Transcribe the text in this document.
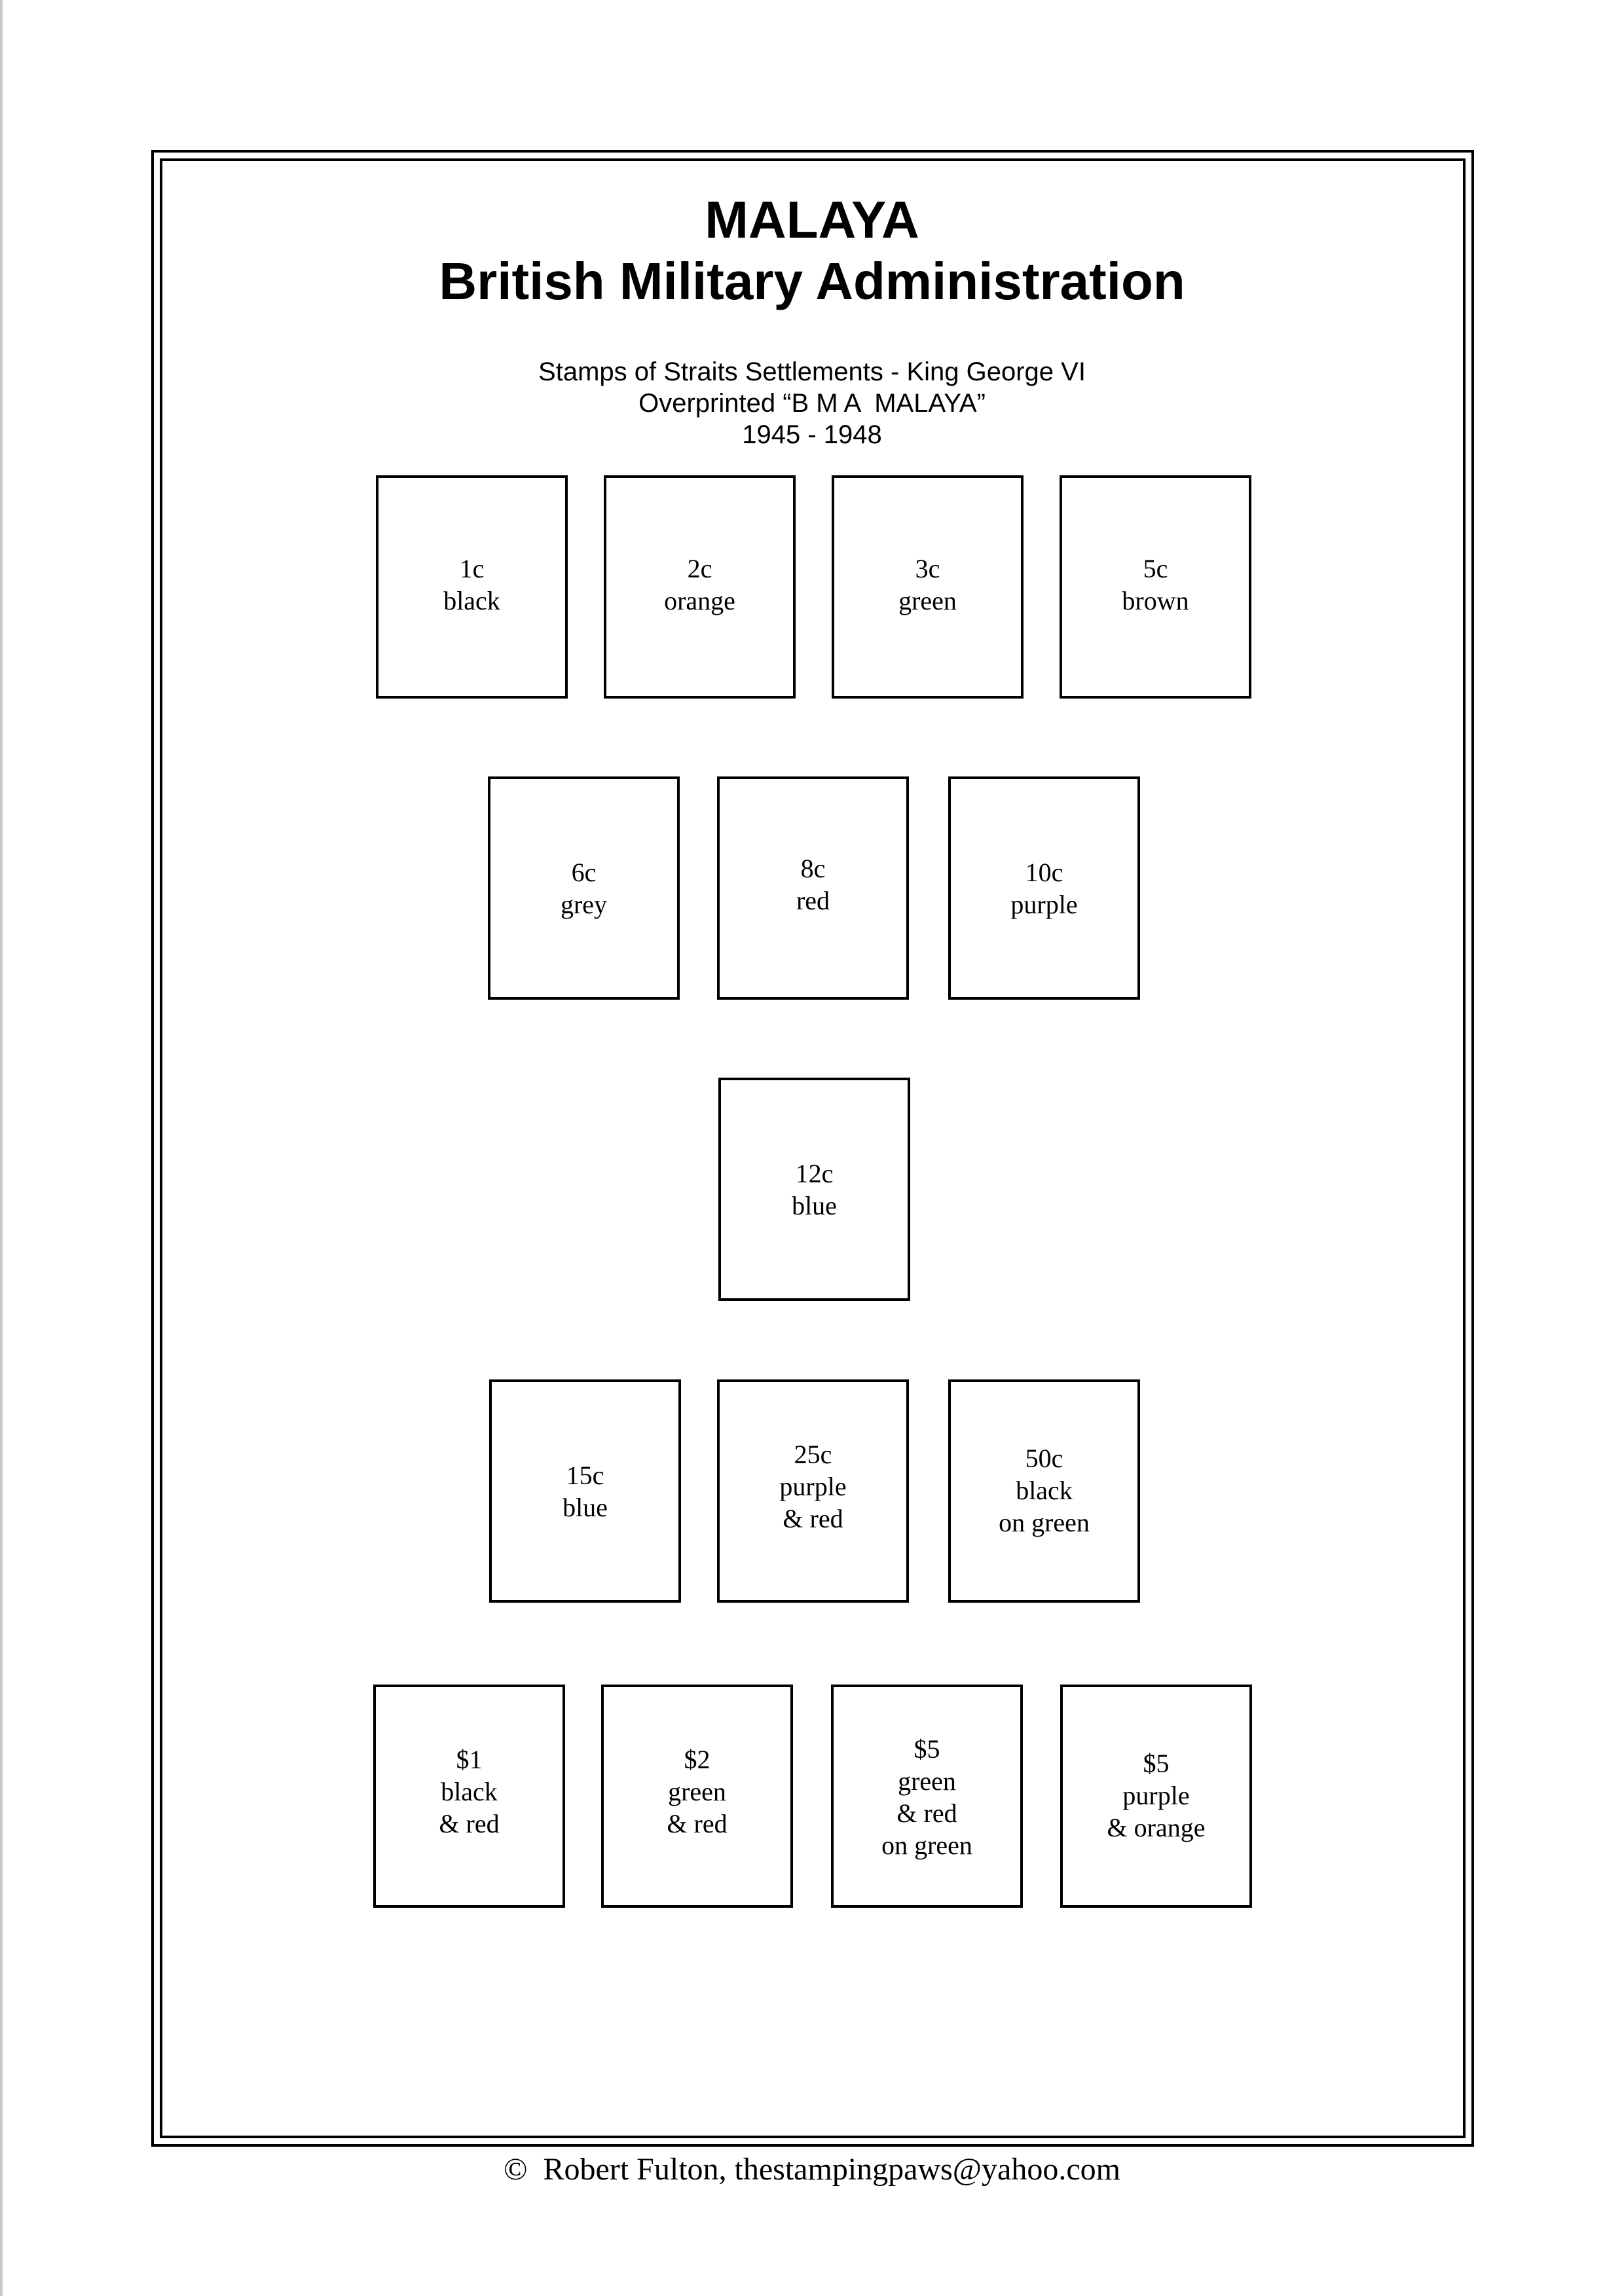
MALAYA
British Military Administration
Stamps of Straits Settlements - King George VI
Overprinted “B M A  MALAYA”
1945 - 1948
1c
black
2c
orange
3c
green
5c
brown
6c
grey
8c
red
10c
purple
12c
blue
15c
blue
25c
purple
& red
50c
black
on green
$1
black
& red
$2
green
& red
$5
green
& red
on green
$5
purple
& orange
©  Robert Fulton, thestampingpaws@yahoo.com
